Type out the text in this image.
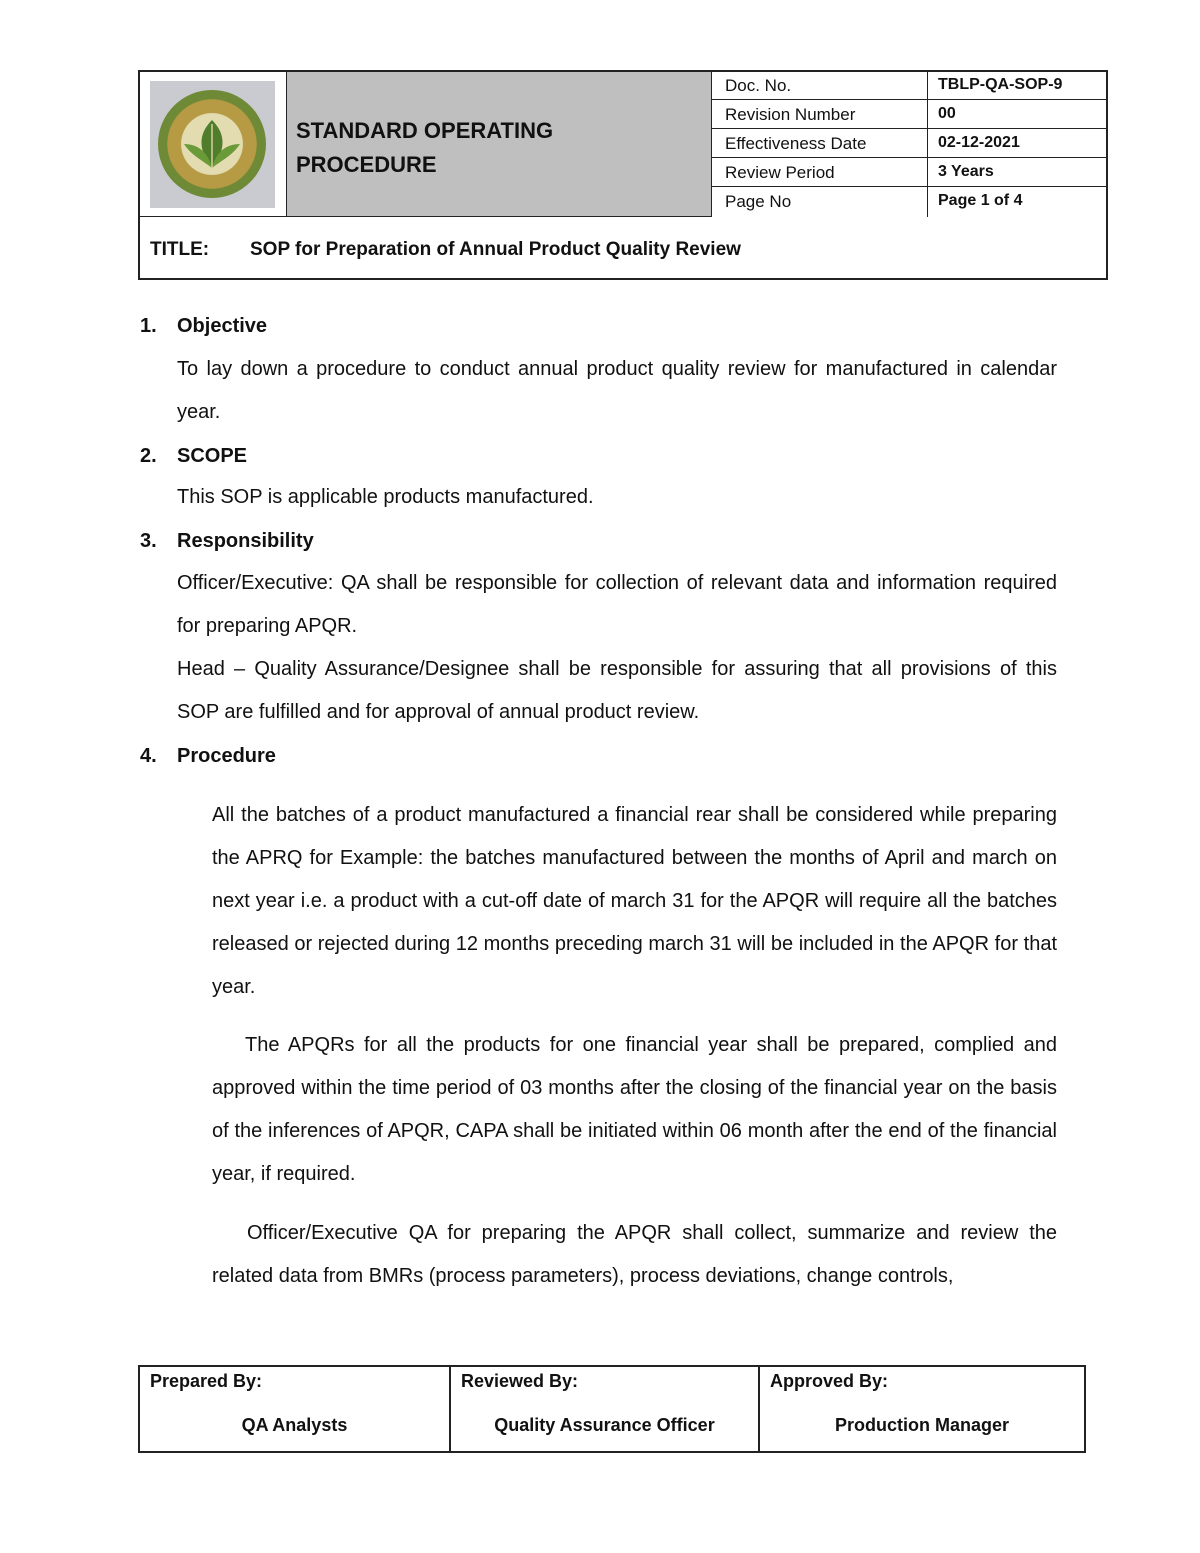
STANDARD OPERATING
PROCEDURE
Doc. No.	TBLP-QA-SOP-9
Revision Number	00
Effectiveness Date	02-12-2021
Review Period	3 Years
Page No	Page 1 of 4
TITLE: SOP for Preparation of Annual Product Quality Review
1. Objective
To lay down a procedure to conduct annual product quality review for manufactured in calendar year.
2. SCOPE
This SOP is applicable products manufactured.
3. Responsibility
Officer/Executive: QA shall be responsible for collection of relevant data and information required for preparing APQR.
Head – Quality Assurance/Designee shall be responsible for assuring that all provisions of this SOP are fulfilled and for approval of annual product review.
4. Procedure
All the batches of a product manufactured a financial rear shall be considered while preparing the APRQ for Example: the batches manufactured between the months of April and march on next year i.e. a product with a cut-off date of march 31 for the APQR will require all the batches released or rejected during 12 months preceding march 31 will be included in the APQR for that year.
The APQRs for all the products for one financial year shall be prepared, complied and approved within the time period of 03 months after the closing of the financial year on the basis of the inferences of APQR, CAPA shall be initiated within 06 month after the end of the financial year, if required.
Officer/Executive QA for preparing the APQR shall collect, summarize and review the related data from BMRs (process parameters), process deviations, change controls,
Prepared By:
QA Analysts
Reviewed By:
Quality Assurance Officer
Approved By:
Production Manager
